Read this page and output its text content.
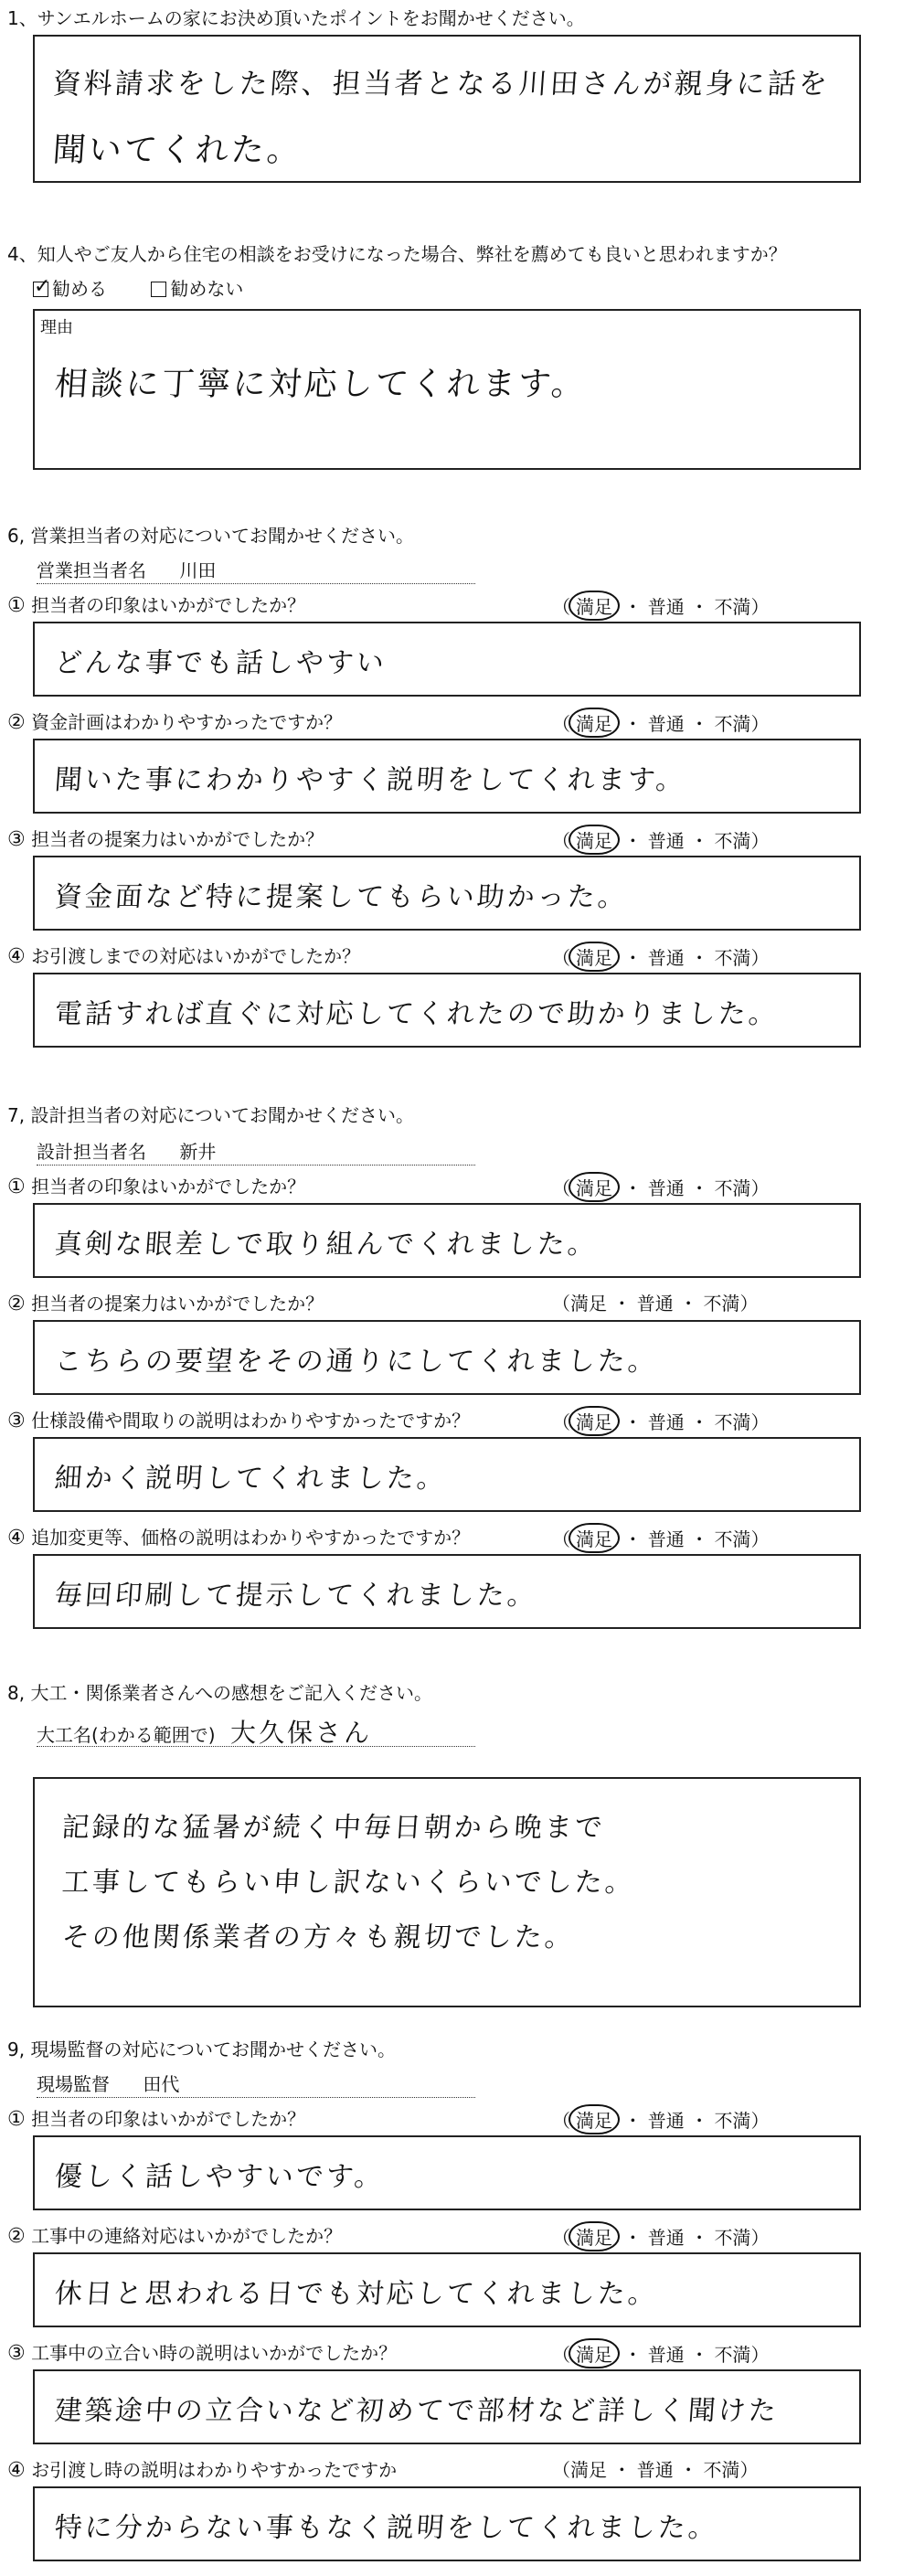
1、サンエルホームの家にお決め頂いたポイントをお聞かせください。
資料請求をした際、担当者となる川田さんが親身に話を
聞いてくれた。
4、知人やご友人から住宅の相談をお受けになった場合、弊社を薦めても良いと思われますか？
✓勧める	勧めない
理由
相談に丁寧に対応してくれます。
6, 営業担当者の対応についてお聞かせください。
営業担当者名 川田
① 担当者の印象はいかがでしたか？	（ 満足 ・ 普通 ・ 不満）
どんな事でも話しやすい
② 資金計画はわかりやすかったですか？	（ 満足 ・ 普通 ・ 不満）
聞いた事にわかりやすく説明をしてくれます。
③ 担当者の提案力はいかがでしたか？	（ 満足 ・ 普通 ・ 不満）
資金面など特に提案してもらい助かった。
④ お引渡しまでの対応はいかがでしたか？	（ 満足 ・ 普通 ・ 不満）
電話すれば直ぐに対応してくれたので助かりました。
7, 設計担当者の対応についてお聞かせください。
設計担当者名 新井
① 担当者の印象はいかがでしたか？	（ 満足 ・ 普通 ・ 不満）
真剣な眼差しで取り組んでくれました。
② 担当者の提案力はいかがでしたか？	（満足 ・ 普通 ・ 不満）
こちらの要望をその通りにしてくれました。
③ 仕様設備や間取りの説明はわかりやすかったですか？	（ 満足 ・ 普通 ・ 不満）
細かく説明してくれました。
④ 追加変更等、価格の説明はわかりやすかったですか？	（ 満足 ・ 普通 ・ 不満）
毎回印刷して提示してくれました。
8, 大工・関係業者さんへの感想をご記入ください。
大工名(わかる範囲で) 大久保さん
記録的な猛暑が続く中毎日朝から晩まで
工事してもらい申し訳ないくらいでした。
その他関係業者の方々も親切でした。
9, 現場監督の対応についてお聞かせください。
現場監督 田代
① 担当者の印象はいかがでしたか？	（ 満足 ・ 普通 ・ 不満）
優しく話しやすいです。
② 工事中の連絡対応はいかがでしたか？	（ 満足 ・ 普通 ・ 不満）
休日と思われる日でも対応してくれました。
③ 工事中の立合い時の説明はいかがでしたか？	（ 満足 ・ 普通 ・ 不満）
建築途中の立合いなど初めてで部材など詳しく聞けた
④ お引渡し時の説明はわかりやすかったですか	（満足 ・ 普通 ・ 不満）
特に分からない事もなく説明をしてくれました。
